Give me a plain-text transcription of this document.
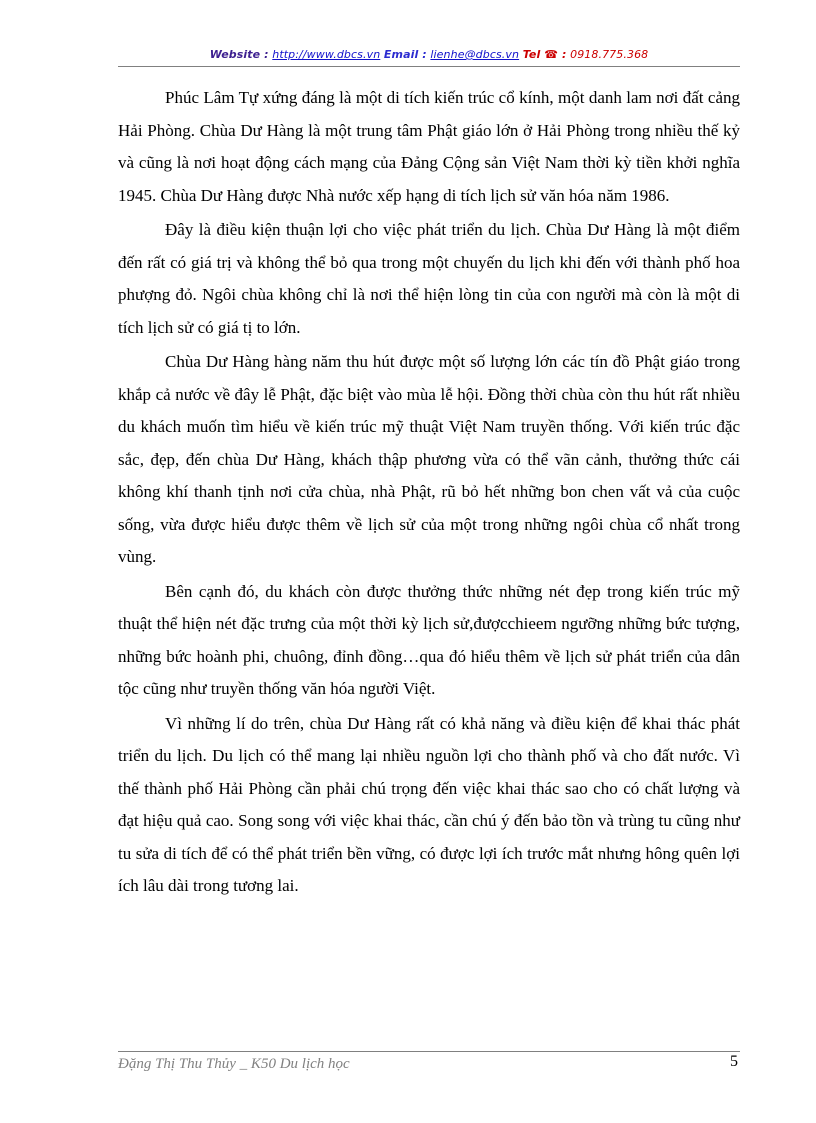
Website : http://www.dbcs.vn Email : lienhe@dbcs.vn Tel ☎ : 0918.775.368

Phúc Lâm Tự xứng đáng là một di tích kiến trúc cổ kính, một danh lam nơi đất cảng Hải Phòng. Chùa Dư Hàng là một trung tâm Phật giáo lớn ở Hải Phòng trong nhiều thế kỷ và cũng là nơi hoạt động cách mạng của Đảng Cộng sản Việt Nam thời kỳ tiền khởi nghĩa 1945. Chùa Dư Hàng được Nhà nước xếp hạng di tích lịch sử văn hóa năm 1986.

Đây là điều kiện thuận lợi cho việc phát triển du lịch. Chùa Dư Hàng là một điểm đến rất có giá trị và không thể bỏ qua trong một chuyến du lịch khi đến với thành phố hoa phượng đỏ. Ngôi chùa không chỉ là nơi thể hiện lòng tin của con người mà còn là một di tích lịch sử có giá tị to lớn.

Chùa Dư Hàng hàng năm thu hút được một số lượng lớn các tín đồ Phật giáo trong khắp cả nước về đây lễ Phật, đặc biệt vào mùa lễ hội. Đồng thời chùa còn thu hút rất nhiều du khách muốn tìm hiểu về kiến trúc mỹ thuật Việt Nam truyền thống. Với kiến trúc đặc sắc, đẹp, đến chùa Dư Hàng, khách thập phương vừa có thể vãn cảnh, thưởng thức cái không khí thanh tịnh nơi cửa chùa, nhà Phật, rũ bỏ hết những bon chen vất vả của cuộc sống, vừa được hiểu được thêm về lịch sử của một trong những ngôi chùa cổ nhất trong vùng.

Bên cạnh đó, du khách còn được thưởng thức những nét đẹp trong kiến trúc mỹ thuật thể hiện nét đặc trưng của một thời kỳ lịch sử,đượcchieem ngưỡng những bức tượng, những bức hoành phi, chuông, đỉnh đồng…qua đó hiểu thêm về lịch sử phát triển của dân tộc cũng như truyền thống văn hóa người Việt.

Vì những lí do trên, chùa Dư Hàng rất có khả năng và điều kiện để khai thác phát triển du lịch. Du lịch có thể mang lại nhiều nguồn lợi cho thành phố và cho đất nước. Vì thế thành phố Hải Phòng cần phải chú trọng đến việc khai thác sao cho có chất lượng và đạt hiệu quả cao. Song song với việc khai thác, cần chú ý đến bảo tồn và trùng tu cũng như tu sửa di tích để có thể phát triển bền vững, có được lợi ích trước mắt nhưng hông quên lợi ích lâu dài trong tương lai.

Đặng Thị Thu Thủy _ K50 Du lịch học	5
